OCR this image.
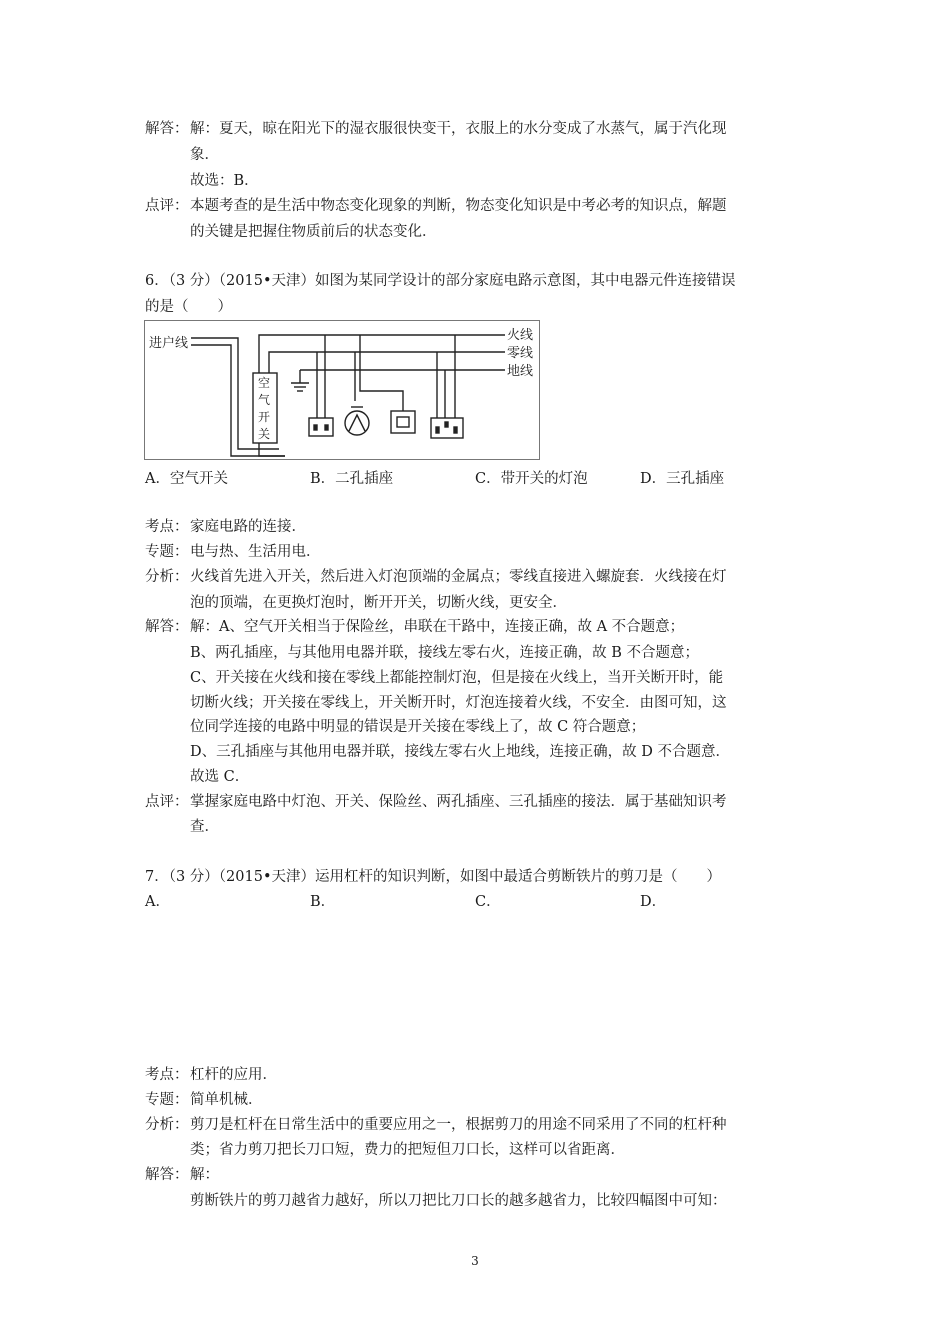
解答： 解：夏天，晾在阳光下的湿衣服很快变干，衣服上的水分变成了水蒸气，属于汽化现
象．
故选：B．
点评： 本题考查的是生活中物态变化现象的判断，物态变化知识是中考必考的知识点，解题
的关键是把握住物质前后的状态变化．
6．（3 分）（2015•天津）如图为某同学设计的部分家庭电路示意图，其中电器元件连接错误
的是（　　）
进户线
空
气
开
关
火线
零线
地线
A．空气开关	B．二孔插座	C．带开关的灯泡	D．三孔插座
考点： 家庭电路的连接．
专题： 电与热、生活用电．
分析： 火线首先进入开关，然后进入灯泡顶端的金属点；零线直接进入螺旋套．火线接在灯
泡的顶端，在更换灯泡时，断开开关，切断火线，更安全．
解答： 解：A、空气开关相当于保险丝，串联在干路中，连接正确，故 A 不合题意；
B、两孔插座，与其他用电器并联，接线左零右火，连接正确，故 B 不合题意；
C、开关接在火线和接在零线上都能控制灯泡，但是接在火线上，当开关断开时，能
切断火线；开关接在零线上，开关断开时，灯泡连接着火线，不安全．由图可知，这
位同学连接的电路中明显的错误是开关接在零线上了，故 C 符合题意；
D、三孔插座与其他用电器并联，接线左零右火上地线，连接正确，故 D 不合题意．
故选 C．
点评： 掌握家庭电路中灯泡、开关、保险丝、两孔插座、三孔插座的接法．属于基础知识考
查．
7．（3 分）（2015•天津）运用杠杆的知识判断，如图中最适合剪断铁片的剪刀是（　　）
A．	B．	C．	D．
考点： 杠杆的应用．
专题： 简单机械．
分析： 剪刀是杠杆在日常生活中的重要应用之一，根据剪刀的用途不同采用了不同的杠杆种
类；省力剪刀把长刀口短，费力的把短但刀口长，这样可以省距离．
解答： 解：
剪断铁片的剪刀越省力越好，所以刀把比刀口长的越多越省力，比较四幅图中可知：
3
